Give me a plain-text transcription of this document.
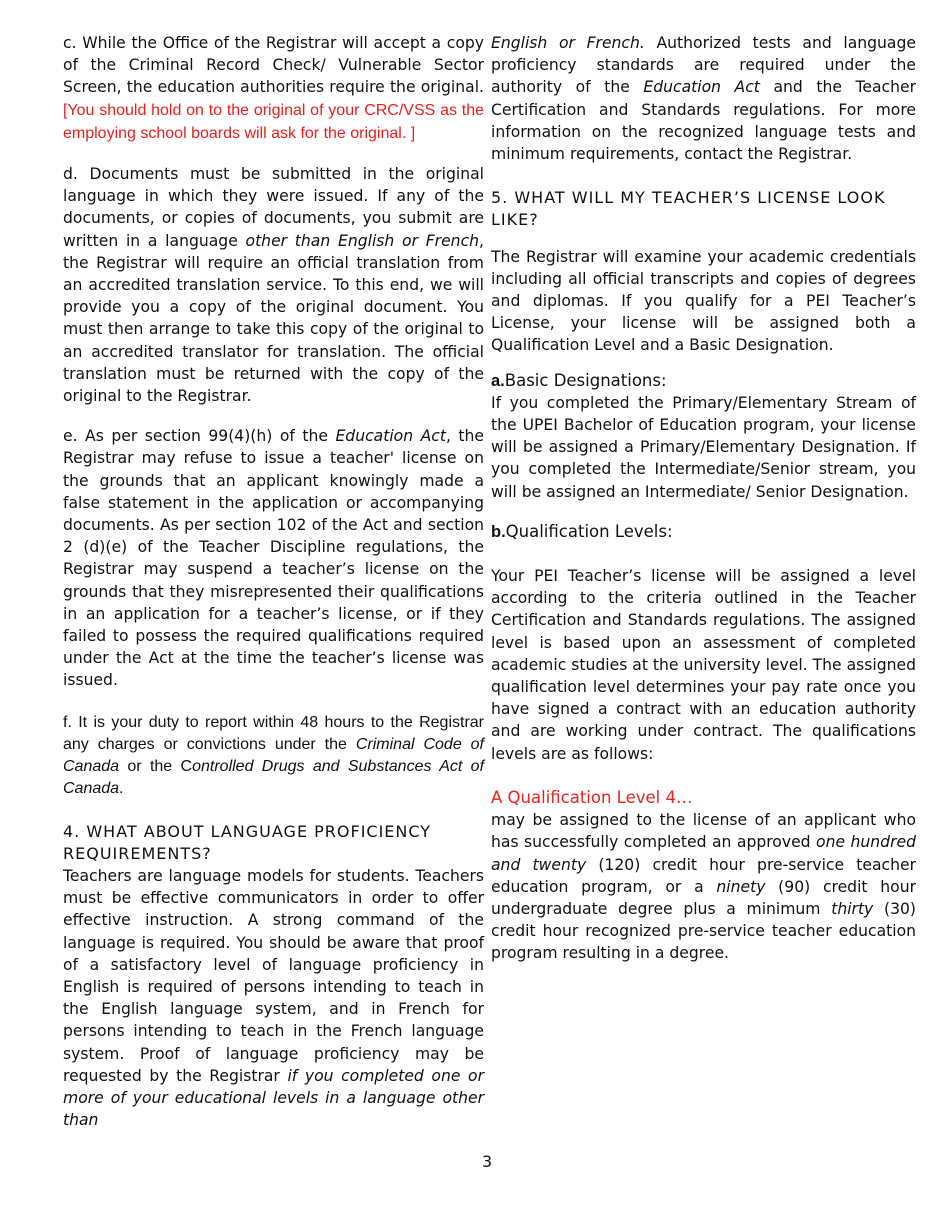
c. While the Office of the Registrar will accept a copy of the Criminal Record Check/ Vulnerable Sector Screen, the education authorities require the original. [You should hold on to the original of your CRC/VSS as the employing school boards will ask for the original. ]

d. Documents must be submitted in the original language in which they were issued. If any of the documents, or copies of documents, you submit are written in a language other than English or French, the Registrar will require an official translation from an accredited translation service. To this end, we will provide you a copy of the original document. You must then arrange to take this copy of the original to an accredited translator for translation. The official translation must be returned with the copy of the original to the Registrar.

e. As per section 99(4)(h) of the Education Act, the Registrar may refuse to issue a teacher' license on the grounds that an applicant knowingly made a false statement in the application or accompanying documents. As per section 102 of the Act and section 2 (d)(e) of the Teacher Discipline regulations, the Registrar may suspend a teacher’s license on the grounds that they misrepresented their qualifications in an application for a teacher’s license, or if they failed to possess the required qualifications required under the Act at the time the teacher’s license was issued.

f. It is your duty to report within 48 hours to the Registrar any charges or convictions under the Criminal Code of Canada or the Controlled Drugs and Substances Act of Canada.

4. WHAT ABOUT LANGUAGE PROFICIENCY REQUIREMENTS?

Teachers are language models for students. Teachers must be effective communicators in order to offer effective instruction. A strong command of the language is required. You should be aware that proof of a satisfactory level of language proficiency in English is required of persons intending to teach in the English language system, and in French for persons intending to teach in the French language system. Proof of language proficiency may be requested by the Registrar if you completed one or more of your educational levels in a language other than

3

English or French. Authorized tests and language proficiency standards are required under the authority of the Education Act and the Teacher Certification and Standards regulations. For more information on the recognized language tests and minimum requirements, contact the Registrar.

5. WHAT WILL MY TEACHER’S LICENSE LOOK LIKE?

The Registrar will examine your academic credentials including all official transcripts and copies of degrees and diplomas. If you qualify for a PEI Teacher’s License, your license will be assigned both a Qualification Level and a Basic Designation.

a.Basic Designations:

If you completed the Primary/Elementary Stream of the UPEI Bachelor of Education program, your license will be assigned a Primary/Elementary Designation. If you completed the Intermediate/Senior stream, you will be assigned an Intermediate/ Senior Designation.

b.Qualification Levels:

Your PEI Teacher’s license will be assigned a level according to the criteria outlined in the Teacher Certification and Standards regulations. The assigned level is based upon an assessment of completed academic studies at the university level. The assigned qualification level determines your pay rate once you have signed a contract with an education authority and are working under contract. The qualifications levels are as follows:

A Qualification Level 4…

may be assigned to the license of an applicant who has successfully completed an approved one hundred and twenty (120) credit hour pre-service teacher education program, or a ninety (90) credit hour undergraduate degree plus a minimum thirty (30) credit hour recognized pre-service teacher education program resulting in a degree.
